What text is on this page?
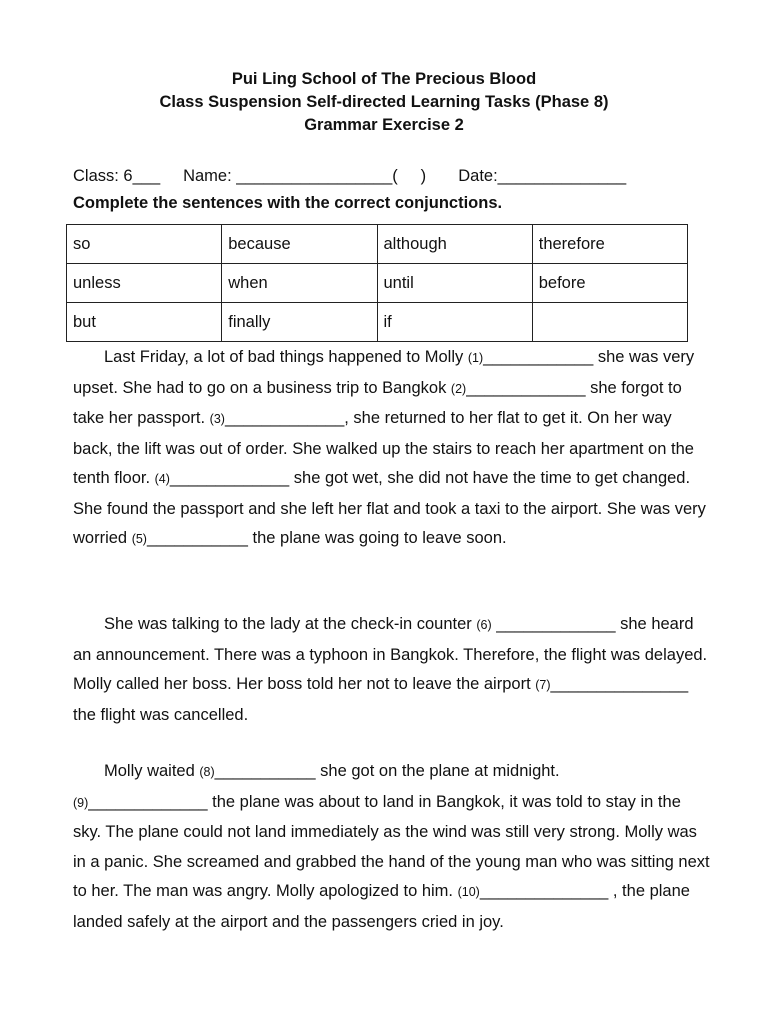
Pui Ling School of The Precious Blood
Class Suspension Self-directed Learning Tasks (Phase 8)
Grammar Exercise 2
Class: 6___ Name: _________________(     ) Date:______________
Complete the sentences with the correct conjunctions.
so	because	although	therefore
unless	when	until	before
but	finally	if	

Last Friday, a lot of bad things happened to Molly (1)____________ she was very upset. She had to go on a business trip to Bangkok (2)_____________ she forgot to take her passport. (3)_____________, she returned to her flat to get it. On her way back, the lift was out of order. She walked up the stairs to reach her apartment on the tenth floor. (4)_____________ she got wet, she did not have the time to get changed. She found the passport and she left her flat and took a taxi to the airport. She was very worried (5)___________ the plane was going to leave soon.

She was talking to the lady at the check-in counter (6) _____________ she heard an announcement. There was a typhoon in Bangkok. Therefore, the flight was delayed. Molly called her boss. Her boss told her not to leave the airport (7)_______________ the flight was cancelled.

Molly waited (8)___________ she got on the plane at midnight.

(9)_____________ the plane was about to land in Bangkok, it was told to stay in the sky. The plane could not land immediately as the wind was still very strong. Molly was in a panic. She screamed and grabbed the hand of the young man who was sitting next to her. The man was angry. Molly apologized to him. (10)______________ , the plane landed safely at the airport and the passengers cried in joy.
